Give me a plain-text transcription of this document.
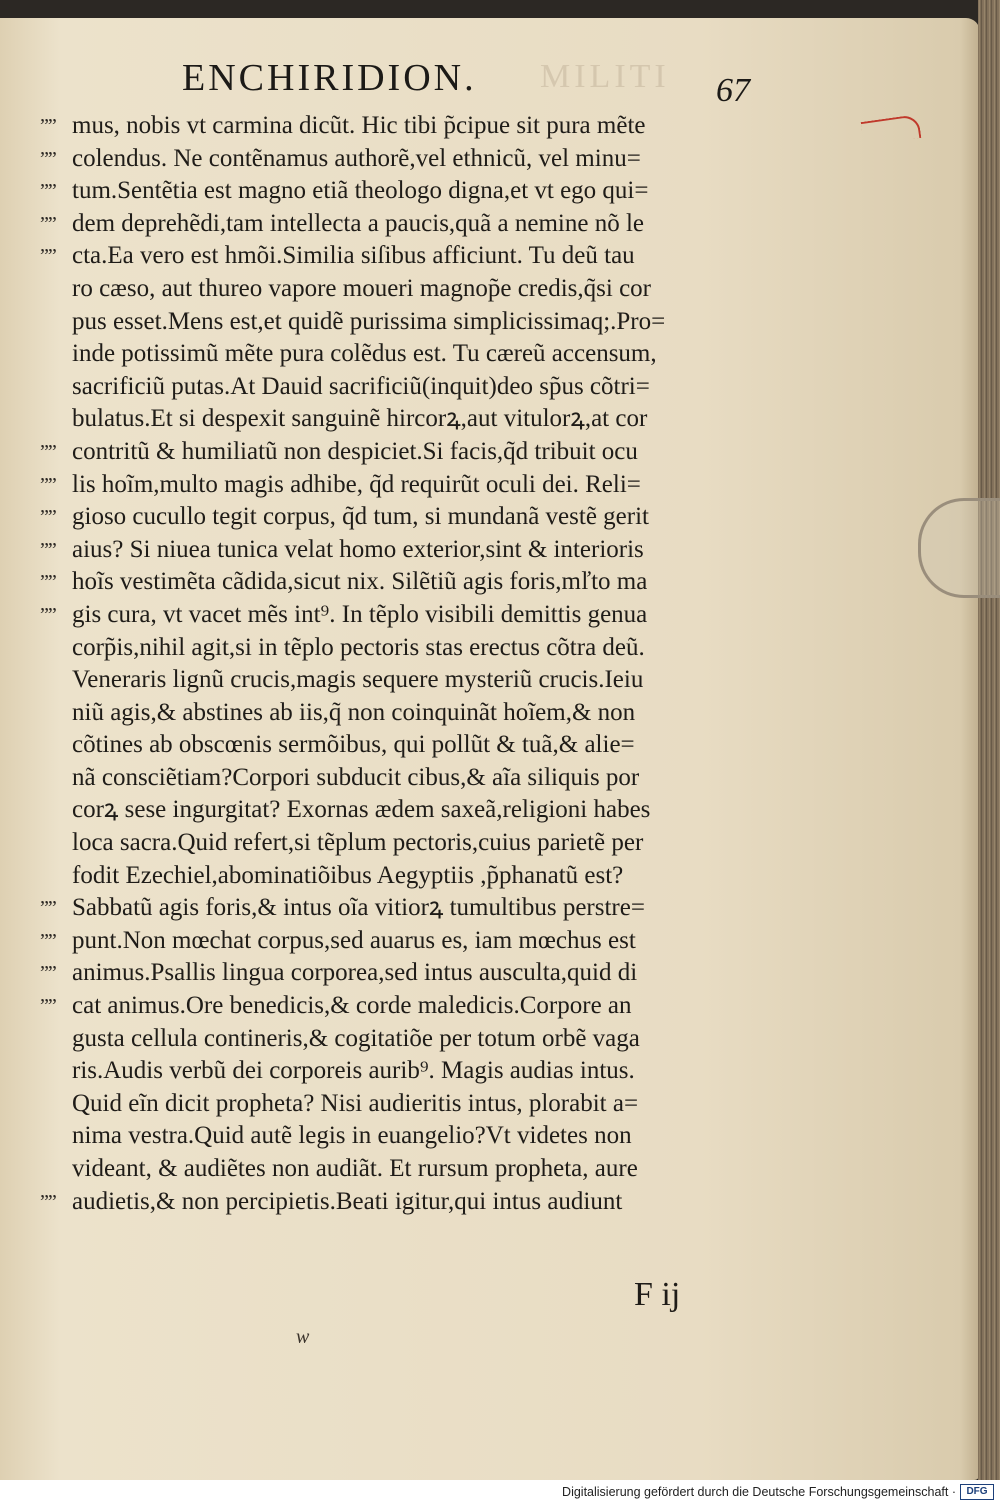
MILITI
ENCHIRIDION.	67
”” mus, nobis vt carmina dicũt. Hic tibi p̃cipue sit pura mẽte
”” colendus. Ne contẽnamus authorẽ,vel ethnicũ, vel minu=
”” tum.Sentẽtia est magno etiã theologo digna,et vt ego qui=
”” dem deprehẽdi,tam intellecta a paucis,quã a nemine nõ le
”” cta.Ea vero est hmõi.Similia siſibus afficiunt. Tu deũ tau
ro cæso, aut thureo vapore moueri magnop̃e credis,q̃si cor
pus esset.Mens est,et quidẽ purissima simplicissimaq;.Pro=
inde potissimũ mẽte pura colẽdus est. Tu cæreũ accensum,
sacrificiũ putas.At Dauid sacrificiũ(inquit)deo sp̃us cõtri=
bulatus.Et si despexit sanguinẽ hircorꝝ,aut vitulorꝝ,at cor
”” contritũ & humiliatũ non despiciet.Si facis,q̃d tribuit ocu
”” lis hoĩm,multo magis adhibe, q̃d requirũt oculi dei. Reli=
”” gioso cucullo tegit corpus, q̃d tum, si mundanã vestẽ gerit
”” aius? Si niuea tunica velat homo exterior,sint & interioris
”” hoĩs vestimẽta cãdida,sicut nix. Silẽtiũ agis foris,mľto ma
”” gis cura, vt vacet mẽs int⁹. In tẽplo visibili demittis genua
corp̃is,nihil agit,si in tẽplo pectoris stas erectus cõtra deũ.
Veneraris lignũ crucis,magis sequere mysteriũ crucis.Ieiu
niũ agis,& abstines ab iis,q̃ non coinquinãt hoĩem,& non
cõtines ab obscœnis sermõibus, qui pollũt & tuã,& alie=
nã consciẽtiam?Corpori subducit cibus,& aĩa siliquis por
corꝝ sese ingurgitat? Exornas ædem saxeã,religioni habes
loca sacra.Quid refert,si tẽplum pectoris,cuius parietẽ per
fodit Ezechiel,abominatiõibus Aegyptiis ,p̃phanatũ est?
”” Sabbatũ agis foris,& intus oĩa vitiorꝝ tumultibus perstre=
”” punt.Non mœchat corpus,sed auarus es, iam mœchus est
”” animus.Psallis lingua corporea,sed intus ausculta,quid di
”” cat animus.Ore benedicis,& corde maledicis.Corpore an
gusta cellula contineris,& cogitatiõe per totum orbẽ vaga
ris.Audis verbũ dei corporeis aurib⁹. Magis audias intus.
Quid eĩn dicit propheta? Nisi audieritis intus, plorabit a=
nima vestra.Quid autẽ legis in euangelio?Vt videtes non
videant, & audiẽtes non audiãt. Et rursum propheta, aure
”” audietis,& non percipietis.Beati igitur,qui intus audiunt
F ij
w
Digitalisierung gefördert durch die Deutsche Forschungsgemeinschaft ·	DFG
